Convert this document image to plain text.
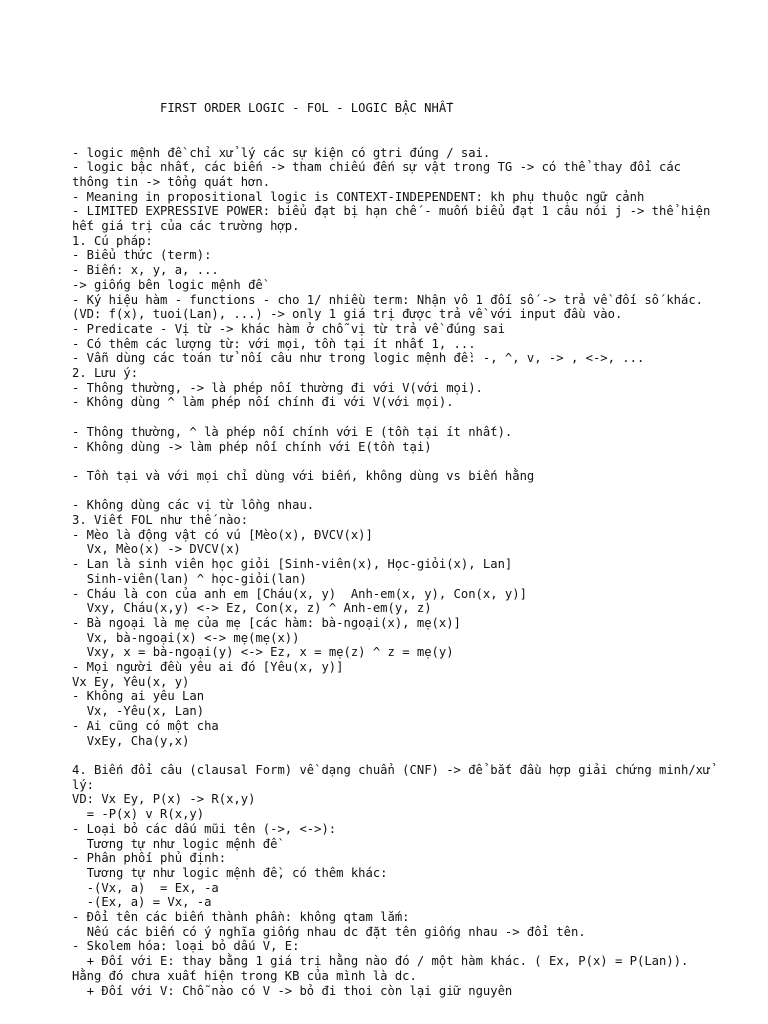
FIRST ORDER LOGIC - FOL - LOGIC BẬC NHẤT

- logic mệnh đề chỉ xử lý các sự kiện có gtri đúng / sai.
- logic bậc nhất, các biến -> tham chiếu đến sự vật trong TG -> có thể thay đổi các thông tin -> tổng quát hơn.
- Meaning in propositional logic is CONTEXT-INDEPENDENT: kh phụ thuộc ngữ cảnh
- LIMITED EXPRESSIVE POWER: biểu đạt bị hạn chế - muốn biểu đạt 1 câu nói j -> thể hiện hết giá trị của các trường hợp.
1. Cú pháp:
- Biểu thức (term):
- Biến: x, y, a, ...
-> giống bên logic mệnh đề
- Ký hiệu hàm - functions - cho 1/ nhiều term: Nhận vô 1 đối số -> trả về đối số khác. (VD: f(x), tuoi(Lan), ...) -> only 1 giá trị được trả về với input đầu vào.
- Predicate - Vị từ -> khác hàm ở chỗ vị từ trả về đúng sai
- Có thêm các lượng từ: với mọi, tồn tại ít nhất 1, ...
- Vẫn dùng các toán tử nối câu như trong logic mệnh đề: -, ^, v, -> , <->, ...
2. Lưu ý:
- Thông thường, -> là phép nối thường đi với V(với mọi).
- Không dùng ^ làm phép nối chính đi với V(với mọi).
- Thông thường, ^ là phép nối chính với E (tồn tại ít nhất).
- Không dùng -> làm phép nối chính với E(tồn tại)
- Tồn tại và với mọi chỉ dùng với biến, không dùng vs biến hằng
- Không dùng các vị từ lồng nhau.
3. Viết FOL như thế nào:
- Mèo là động vật có vú [Mèo(x), ĐVCV(x)]
Vx, Mèo(x) -> DVCV(x)
- Lan là sinh viên học giỏi [Sinh-viên(x), Học-giỏi(x), Lan]
Sinh-viên(lan) ^ học-giỏi(lan)
- Cháu là con của anh em [Cháu(x, y)  Anh-em(x, y), Con(x, y)]
Vxy, Cháu(x,y) <-> Ez, Con(x, z) ^ Anh-em(y, z)
- Bà ngoại là mẹ của mẹ [các hàm: bà-ngoại(x), mẹ(x)]
Vx, bà-ngoại(x) <-> mẹ(mẹ(x))
Vxy, x = bà-ngoại(y) <-> Ez, x = mẹ(z) ^ z = mẹ(y)
- Mọi người đều yêu ai đó [Yêu(x, y)]
Vx Ey, Yêu(x, y)
- Không ai yêu Lan
Vx, -Yêu(x, Lan)
- Ai cũng có một cha
VxEy, Cha(y,x)
4. Biến đổi câu (clausal Form) về dạng chuẩn (CNF) -> để bắt đầu hợp giải chứng minh/xử lý:
VD: Vx Ey, P(x) -> R(x,y)
= -P(x) v R(x,y)
- Loại bỏ các dấu mũi tên (->, <->):
Tương tự như logic mệnh đề
- Phân phối phủ định:
Tương tự như logic mệnh đề, có thêm khác:
-(Vx, a)  = Ex, -a
-(Ex, a) = Vx, -a
- Đổi tên các biến thành phần: không qtam lắm:
Nếu các biến có ý nghĩa giống nhau dc đặt tên giống nhau -> đổi tên.
- Skolem hóa: loại bỏ dấu V, E:
+ Đối với E: thay bằng 1 giá trị hằng nào đó / một hàm khác. ( Ex, P(x) = P(Lan)). Hằng đó chưa xuất hiện trong KB của mình là dc.
+ Đối với V: Chỗ nào có V -> bỏ đi thoi còn lại giữ nguyên
